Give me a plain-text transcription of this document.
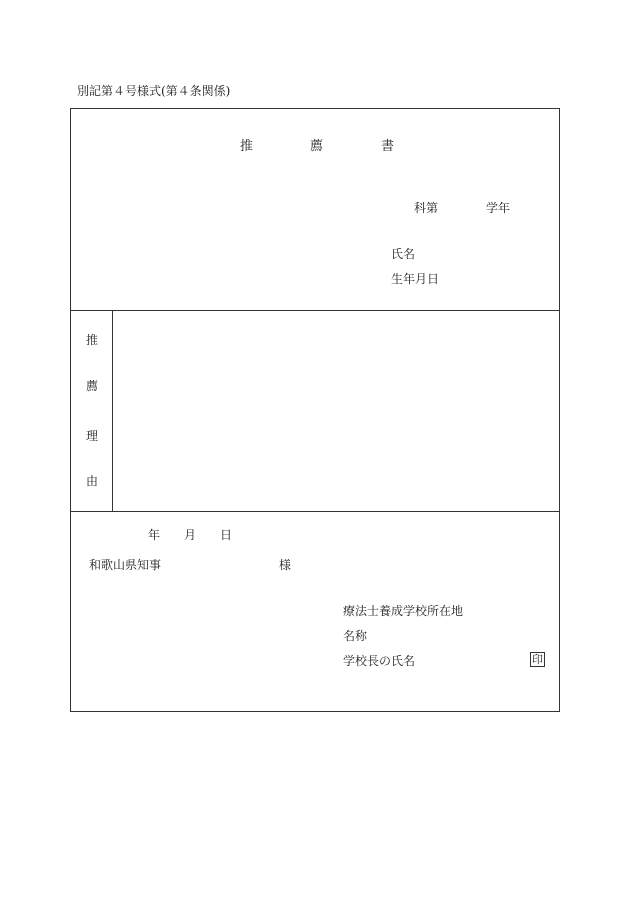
別記第４号様式(第４条関係)
推	薦	書
科第	学年
氏名
生年月日
推
薦
理
由
年 月 日
和歌山県知事	様
療法士養成学校所在地
名称
学校長の氏名	印
